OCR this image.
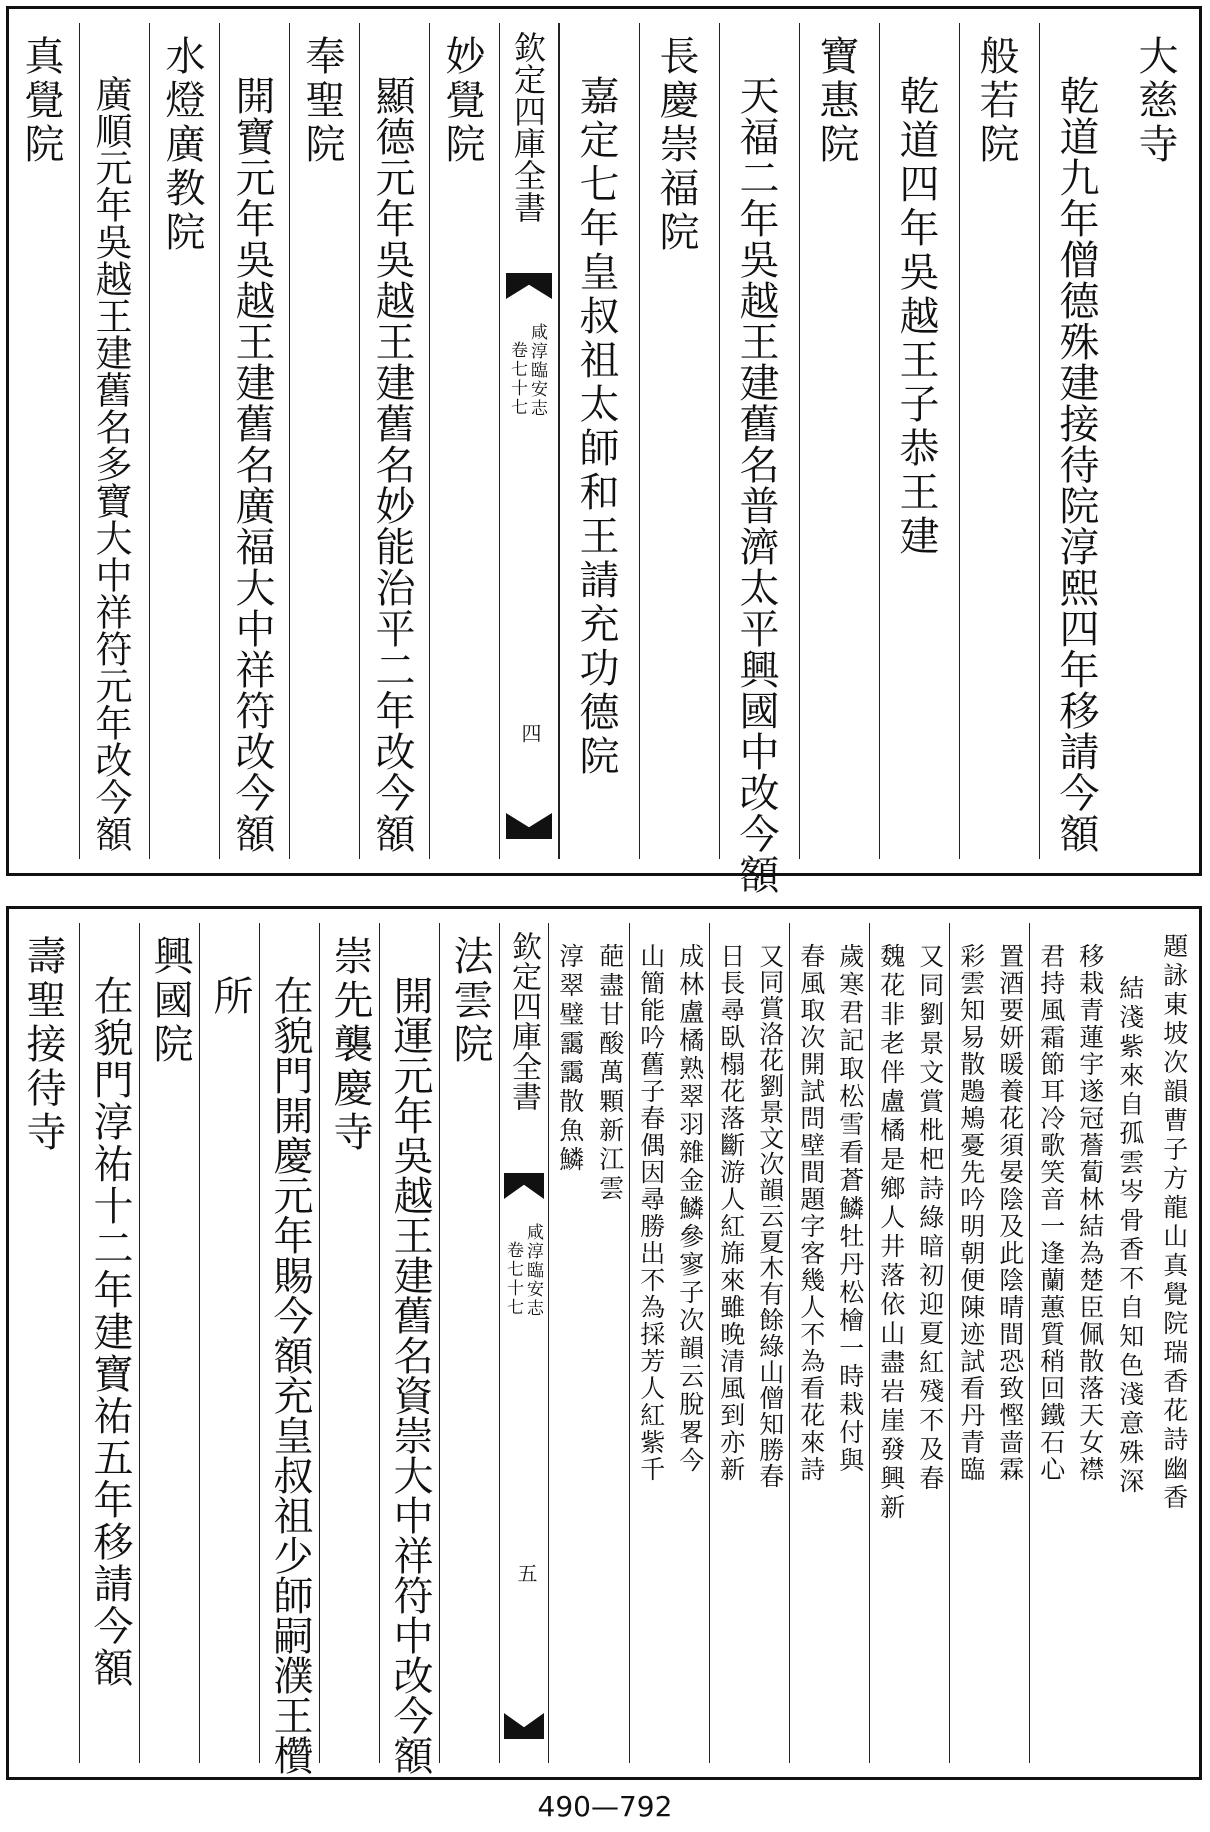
大慈寺
乾道九年僧德殊建接待院淳熙四年移請今額
般若院
乾道四年吳越王子恭王建
寶惠院
天福二年吳越王建舊名普濟太平興國中改今額
長慶崇福院
嘉定七年皇叔祖太師和王請充功德院
欽定四庫全書
咸淳臨安志
卷七十七
四
妙覺院
顯德元年吳越王建舊名妙能治平二年改今額
奉聖院
開寶元年吳越王建舊名廣福大中祥符改今額
水燈廣教院
廣順元年吳越王建舊名多寶大中祥符元年改今額
真覺院
題詠東坡次韻曹子方龍山真覺院瑞香花詩幽香
結淺紫來自孤雲岑骨香不自知色淺意殊深
移栽青蓮宇遂冠薝蔔林結為楚臣佩散落天女襟
君持風霜節耳冷歌笑音一逢蘭蕙質稍回鐵石心
置酒要妍暖養花須晏陰及此陰晴間恐致慳啬霖
彩雲知易散鶗鴂憂先吟明朝便陳迹試看丹青臨
又同劉景文賞枇杷詩綠暗初迎夏紅殘不及春
魏花非老伴盧橘是鄉人井落依山盡岩崖發興新
歲寒君記取松雪看蒼鱗牡丹松檜一時栽付與
春風取次開試問壁間題字客幾人不為看花來詩
又同賞洛花劉景文次韻云夏木有餘綠山僧知勝春
日長尋臥榻花落斷游人紅旆來雖晚清風到亦新
成林盧橘熟翠羽雜金鱗參寥子次韻云脫畧今
山簡能吟舊子春偶因尋勝出不為採芳人紅紫千
葩盡甘酸萬顆新江雲
淳翠璧靄靄散魚鱗
欽定四庫全書
咸淳臨安志
卷七十七
五
法雲院
開運元年吳越王建舊名資崇大中祥符中改今額
崇先襲慶寺
在貌門開慶元年賜今額充皇叔祖少師嗣濮王欑
所
興國院
在貌門淳祐十二年建寶祐五年移請今額
壽聖接待寺
490—792
